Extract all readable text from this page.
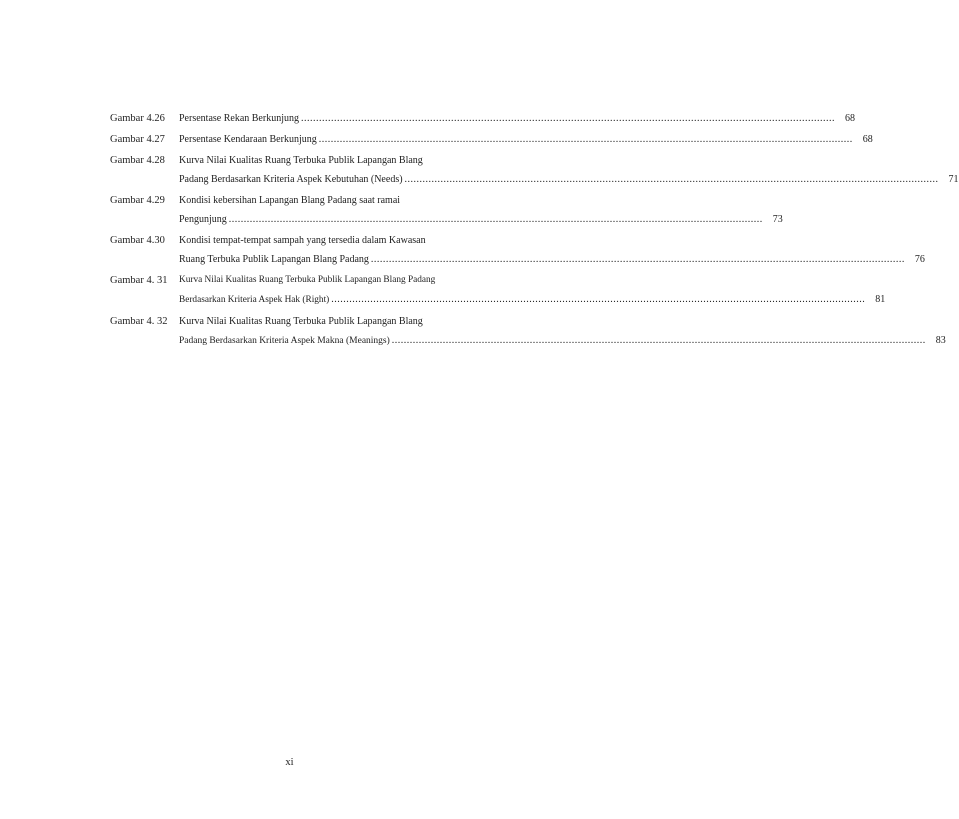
Gambar 4.26	Persentase Rekan Berkunjung .....	68
Gambar 4.27	Persentase Kendaraan Berkunjung .....	68
Gambar 4.28	Kurva Nilai Kualitas Ruang Terbuka Publik Lapangan Blang
Padang Berdasarkan Kriteria Aspek Kebutuhan (Needs) .....	71
Gambar 4.29	Kondisi kebersihan Lapangan Blang Padang saat ramai
Pengunjung .....	73
Gambar 4.30	Kondisi tempat-tempat sampah yang tersedia dalam Kawasan
Ruang Terbuka Publik Lapangan Blang Padang .....	76
Gambar 4. 31	Kurva Nilai Kualitas Ruang Terbuka Publik Lapangan Blang Padang
Berdasarkan Kriteria Aspek Hak (Right) .....	81
Gambar 4. 32	Kurva Nilai Kualitas Ruang Terbuka Publik Lapangan Blang
Padang Berdasarkan Kriteria Aspek Makna (Meanings) .....	83
xi
